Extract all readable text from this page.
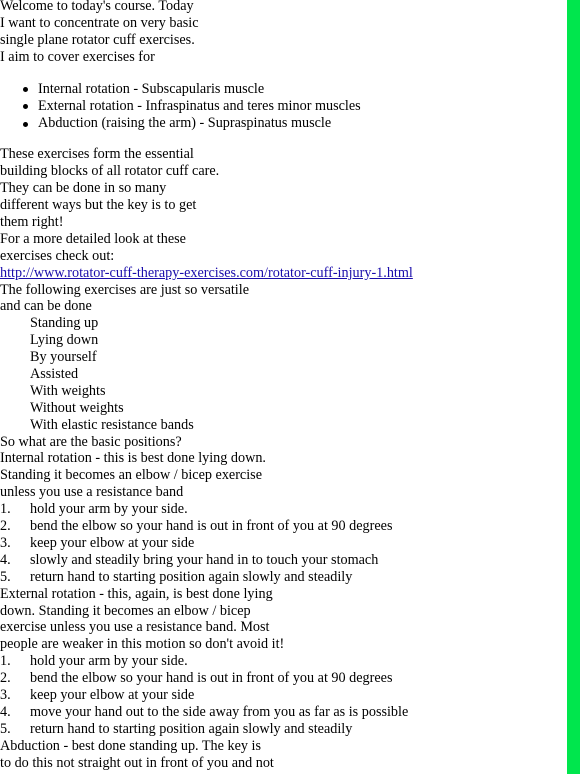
Welcome to today's course. Today
I want to concentrate on very basic
single plane rotator cuff exercises.
I aim to cover exercises for
Internal rotation - Subscapularis muscle
External rotation - Infraspinatus and teres minor muscles
Abduction (raising the arm) - Supraspinatus muscle
These exercises form the essential
building blocks of all rotator cuff care.
They can be done in so many
different ways but the key is to get
them right!
For a more detailed look at these
exercises check out:
http://www.rotator-cuff-therapy-exercises.com/rotator-cuff-injury-1.html
The following exercises are just so versatile
and can be done
Standing up
Lying down
By yourself
Assisted
With weights
Without weights
With elastic resistance bands
So what are the basic positions?
Internal rotation - this is best done lying down.
Standing it becomes an elbow / bicep exercise
unless you use a resistance band
1. hold your arm by your side.
2. bend the elbow so your hand is out in front of you at 90 degrees
3. keep your elbow at your side
4. slowly and steadily bring your hand in to touch your stomach
5. return hand to starting position again slowly and steadily
External rotation - this, again, is best done lying
down. Standing it becomes an elbow / bicep
exercise unless you use a resistance band. Most
people are weaker in this motion so don't avoid it!
1. hold your arm by your side.
2. bend the elbow so your hand is out in front of you at 90 degrees
3. keep your elbow at your side
4. move your hand out to the side away from you as far as is possible
5. return hand to starting position again slowly and steadily
Abduction - best done standing up. The key is
to do this not straight out in front of you and not
